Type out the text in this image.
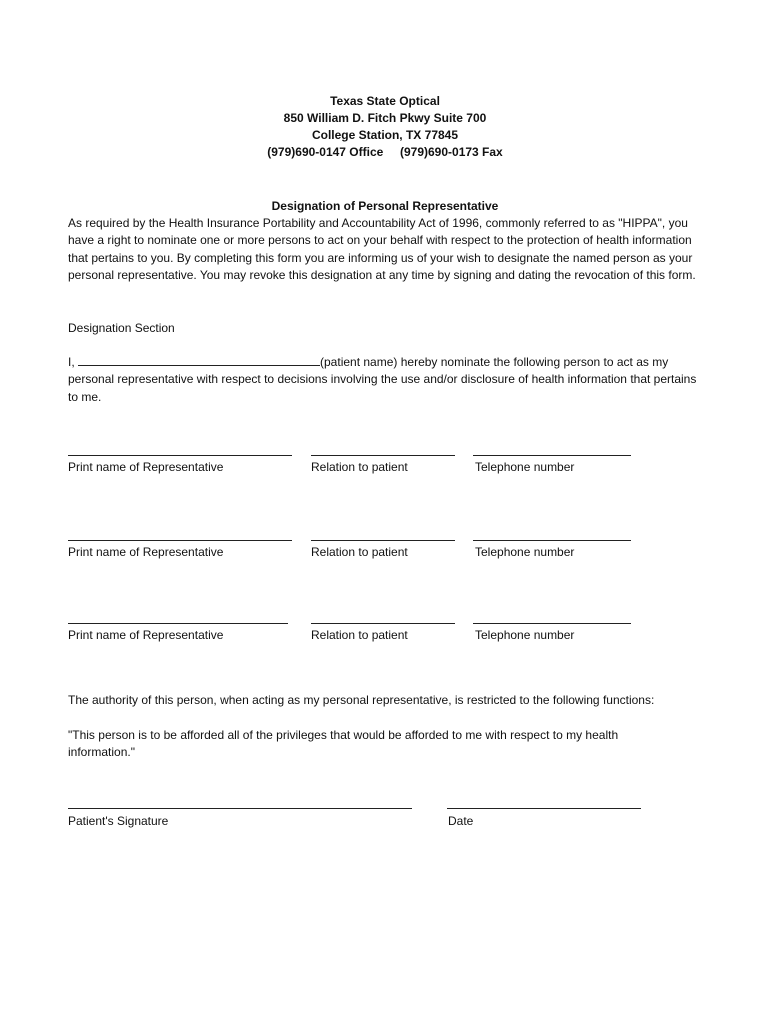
Texas State Optical
850 William D. Fitch Pkwy Suite 700
College Station, TX 77845
(979)690-0147 Office     (979)690-0173 Fax
Designation of Personal Representative
As required by the Health Insurance Portability and Accountability Act of 1996, commonly referred to as "HIPPA", you have a right to nominate one or more persons to act on your behalf with respect to the protection of health information that pertains to you. By completing this form you are informing us of your wish to designate the named person as your personal representative. You may revoke this designation at any time by signing and dating the revocation of this form.
Designation Section
I,	(patient name) hereby nominate the following person to act as my personal representative with respect to decisions involving the use and/or disclosure of health information that pertains to me.
Print name of Representative	Relation to patient	Telephone number
Print name of Representative	Relation to patient	Telephone number
Print name of Representative	Relation to patient	Telephone number
The authority of this person, when acting as my personal representative, is restricted to the following functions:
"This person is to be afforded all of the privileges that would be afforded to me with respect to my health information."
Patient's Signature	Date
